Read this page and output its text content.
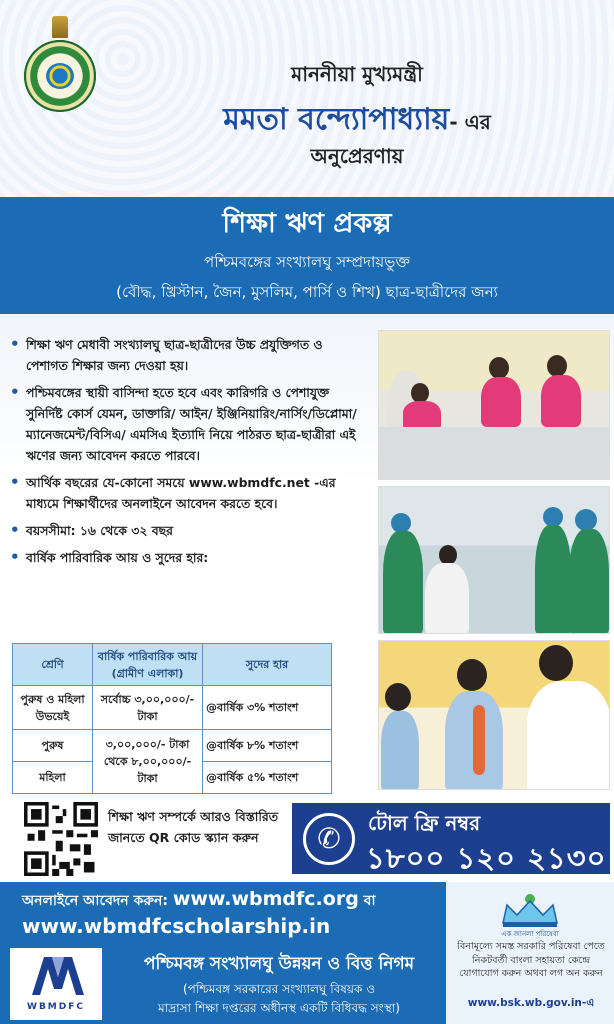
মাননীয়া মুখ্যমন্ত্রী
মমতা বন্দ্যোপাধ্যায়- এর
অনুপ্রেরণায়
শিক্ষা ঋণ প্রকল্প
পশ্চিমবঙ্গের সংখ্যালঘু সম্প্রদায়ভুক্ত
(বৌদ্ধ, খ্রিস্টান, জৈন, মুসলিম, পার্সি ও শিখ) ছাত্র-ছাত্রীদের জন্য
• শিক্ষা ঋণ মেধাবী সংখ্যালঘু ছাত্র-ছাত্রীদের উচ্চ প্রযুক্তিগত ও পেশাগত শিক্ষার জন্য দেওয়া হয়।
• পশ্চিমবঙ্গের স্থায়ী বাসিন্দা হতে হবে এবং কারিগরি ও পেশাযুক্ত সুনির্দিষ্ট কোর্স যেমন, ডাক্তারি/ আইন/ ইঞ্জিনিয়ারিং/নার্সিং/ডিপ্লোমা/ম্যানেজমেন্ট/বিসিএ/ এমসিএ ইত্যাদি নিয়ে পাঠরত ছাত্র-ছাত্রীরা এই ঋণের জন্য আবেদন করতে পারবে।
• আর্থিক বছরের যে-কোনো সময়ে www.wbmdfc.net -এর মাধ্যমে শিক্ষার্থীদের অনলাইনে আবেদন করতে হবে।
• বয়সসীমা: ১৬ থেকে ৩২ বছর
• বার্ষিক পারিবারিক আয় ও সুদের হার:
শ্রেণি	বার্ষিক পারিবারিক আয় (গ্রামীণ এলাকা)	সুদের হার
পুরুষ ও মহিলা উভয়েই	সর্বোচ্চ ৩,০০,০০০/- টাকা	@বার্ষিক ৩% শতাংশ
পুরুষ	৩,০০,০০০/- টাকা থেকে ৮,০০,০০০/- টাকা	@বার্ষিক ৮% শতাংশ
মহিলা		@বার্ষিক ৫% শতাংশ
শিক্ষা ঋণ সম্পর্কে আরও বিস্তারিত জানতে QR কোড স্ক্যান করুন	✆	টোল ফ্রি নম্বর
১৮০০ ১২০ ২১৩০
অনলাইনে আবেদন করুন: www.wbmdfc.org বা
www.wbmdfcscholarship.in	এক জানলা পরিষেবা
বিনামূল্যে সমস্ত সরকারি পরিষেবা পেতে নিকটবর্তী বাংলা সহায়তা কেন্দ্রে যোগাযোগ করুন অথবা লগ অন করুন
www.bsk.wb.gov.in-এ
WBMDFC
পশ্চিমবঙ্গ সংখ্যালঘু উন্নয়ন ও বিত্ত নিগম
(পশ্চিমবঙ্গ সরকারের সংখ্যালঘু বিষয়ক ও
মাদ্রাসা শিক্ষা দপ্তরের অধীনস্থ একটি বিধিবদ্ধ সংস্থা)
